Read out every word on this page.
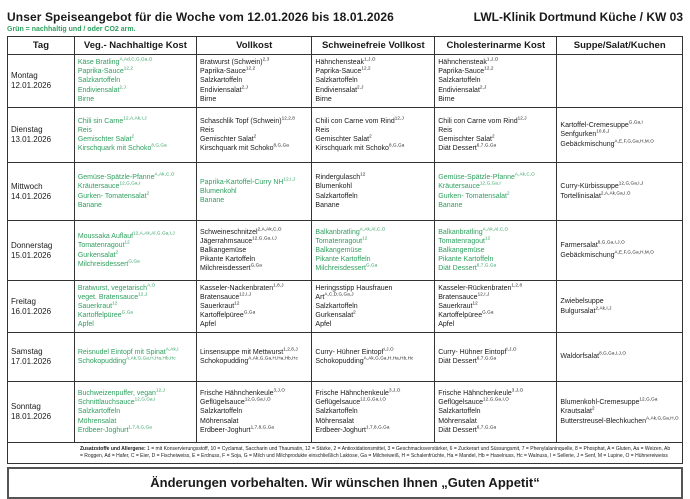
Unser Speiseangebot für die Woche vom 12.01.2026 bis 18.01.2026	LWL-Klinik Dortmund Küche / KW 03
Grün = nachhaltig und / oder CO2 arm.
Tag	Veg.- Nachhaltige Kost	Vollkost	Schweinefreie Vollkost	Cholesterinarme Kost	Suppe/Salat/Kuchen

Montag
12.01.2026

Käse Bratling$^{A,Ad,C,G,Ga,O}$
Paprika-Sauce$^{12,2}$
Salzkartoffeln
Endiviensalat$^{2,J}$
Birne

Bratwurst (Schwein)$^{2,3}$
Paprika-Sauce$^{12,2}$
Salzkartoffeln
Endiviensalat$^{2,J}$
Birne

Hähnchensteak$^{1,J,O}$
Paprika-Sauce$^{12,2}$
Salzkartoffeln
Endiviensalat$^{2,J}$
Birne

Hähnchensteak$^{1,J,O}$
Paprika-Sauce$^{12,2}$
Salzkartoffeln
Endiviensalat$^{2,J}$
Birne

Dienstag
13.01.2026

Chili sin Carne$^{12,A,Ak,I,J}$
Reis
Gemischter Salat$^2$
Kirschquark mit Schoko$^{8,G,Ga}$

Schaschlik Topf (Schwein)$^{12,2,8}$
Reis
Gemischter Salat$^2$
Kirschquark mit Schoko$^{8,G,Ga}$

Chili con Carne vom Rind$^{12,J}$
Reis
Gemischter Salat$^2$
Kirschquark mit Schoko$^{8,G,Ga}$

Chili con Carne vom Rind$^{12,J}$
Reis
Gemischter Salat$^2$
Diät Dessert$^{6,7,G,Ga}$

Kartoffel-Cremesuppe$^{G,Ga,I}$
Senfgurken$^{10,6,J}$
Gebäckmischung$^{A,E,F,G,Ga,H,M,O}$

Mittwoch
14.01.2026

Gemüse-Spätzle-Pfanne$^{A,Ak,C,O}$
Kräutersauce$^{12,G,Ga,I}$
Gurken- Tomatensalat$^2$
Banane

Paprika-Kartoffel-Curry $NH^{12,I,J}$
Blumenkohl
Banane

Rindergulasch$^{12}$
Blumenkohl
Salzkartoffeln
Banane

Gemüse-Spätzle-Pfanne$^{A,Ak,C,O}$
Kräutersauce$^{12,G,Ga,I}$
Gurken- Tomatensalat$^2$
Banane

Curry-Kürbissuppe$^{12,G,Ga,I,J}$
Tortellinisalat$^{2,A,Ak,Ga,I,O}$

Donnerstag
15.01.2026

Moussaka Auflauf$^{12,A,Ak,Al,G,Ga,I,J}$
Tomatenragout$^{12}$
Gurkensalat$^2$
Milchreisdessert$^{G,Ga}$

Schweineschnitzel$^{2,A,Ak,C,O}$
Jägerrahmsauce$^{12,G,Ga,I,J}$
Balkangemüse
Pikante Kartoffeln
Milchreisdessert$^{G,Ga}$

Balkanbratling$^{A,Ak,Al,C,O}$
Tomatenragout$^{12}$
Balkangemüse
Pikante Kartoffeln
Milchreisdessert$^{G,Ga}$

Balkanbratling$^{A,Ak,Al,C,O}$
Tomatenragout$^{12}$
Balkangemüse
Pikante Kartoffeln
Diät Dessert$^{6,7,G,Ga}$

Farmersalat$^{8,G,Ga,I,J,O}$
Gebäckmischung$^{A,E,F,G,Ga,H,M,O}$

Freitag
16.01.2026

Bratwurst, vegetarisch$^{A,O}$
veget. Bratensauce$^{12,J}$
Sauerkraut$^{12}$
Kartoffelpüree$^{G,Ga}$
Apfel

Kasseler-Nackenbraten$^{1,8,J}$
Bratensauce$^{12,I,J}$
Sauerkraut$^{12}$
Kartoffelpüree$^{G,Ga}$
Apfel

Heringsstipp Hausfrauen Art$^{A,C,D,G,Ga,J}$
Salzkartoffeln
Gurkensalat$^2$
Apfel

Kasseler-Rückenbraten$^{1,2,8}$
Bratensauce$^{12,I,J}$
Sauerkraut$^{12}$
Kartoffelpüree$^{G,Ga}$
Apfel

Zwiebelsuppe
Bulgursalat$^{2,Ak,I,J}$

Samstag
17.01.2026

Reisnudel Eintopf mit Spinat$^{A,Ak,I}$
Schokopudding$^{A,Ak,G,Ga,H,Ha,Hb,Hc}$

Linsensuppe mit Mettwurst$^{1,2,8,J}$
Schokopudding$^{A,Ak,G,Ga,H,Ha,Hb,Hc}$

Curry- Hühner Eintopf$^{I,J,O}$
Schokopudding$^{A,Ak,G,Ga,H,Ha,Hb,Hc}$

Curry- Hühner Eintopf$^{I,J,O}$
Diät Dessert$^{6,7,G,Ga}$	Waldorfsalat$^{8,G,Ga,I,J,O}$

Sonntag
18.01.2026

Buchweizenpuffer, vegan$^{12,J}$
Schnittlauchsauce$^{12,G,Ga,I}$
Salzkartoffeln
Möhrensalat
Erdbeer-Joghurt$^{1,7,8,G,Ga}$

Frische Hähnchenkeule$^{3,J,O}$
Geflügelsauce$^{12,G,Ga,I,O}$
Salzkartoffeln
Möhrensalat
Erdbeer-Joghurt$^{1,7,8,G,Ga}$

Frische Hähnchenkeule$^{3,J,O}$
Geflügelsauce$^{12,G,Ga,I,O}$
Salzkartoffeln
Möhrensalat
Erdbeer-Joghurt$^{1,7,8,G,Ga}$

Frische Hähnchenkeule$^{3,J,O}$
Geflügelsauce$^{12,G,Ga,I,O}$
Salzkartoffeln
Möhrensalat
Diät Dessert$^{6,7,G,Ga}$

Blumenkohl-Cremesuppe$^{12,G,Ga}$
Krautsalat$^2$
Butterstreusel-Blechkuchen$^{A,Ak,G,Ga,H,O}$

Zusatzstoffe und Allergene: 1 = mit Konservierungsstoff, 10 = Cyclamat, Saccharin und Thaumatin, 12 = Stärke, 2 = Antioxidationsmittel, 3 = Geschmacksverstärker, 6 = Zuckerart und Süssungsmit, 7 = Phenylalaninquelle, 8 = Phosphat, A = Gluten, Aa = Weizen, Ab = Roggen, Ad = Hafer, C = Eier, D = Fischeiweiss, E = Erdnuss, F = Soja, G = Milch und Milchprodukte einschließlich Laktose, Ga = Milcheiweiß, H = Schalenfrüchte, Ha = Mandel, Hb = Haselnuss, Hc = Walnuss, I = Sellerie, J = Senf, M = Lupine, O = Hühnereiweiss					
Änderungen vorbehalten. Wir wünschen Ihnen „Guten Appetit“
